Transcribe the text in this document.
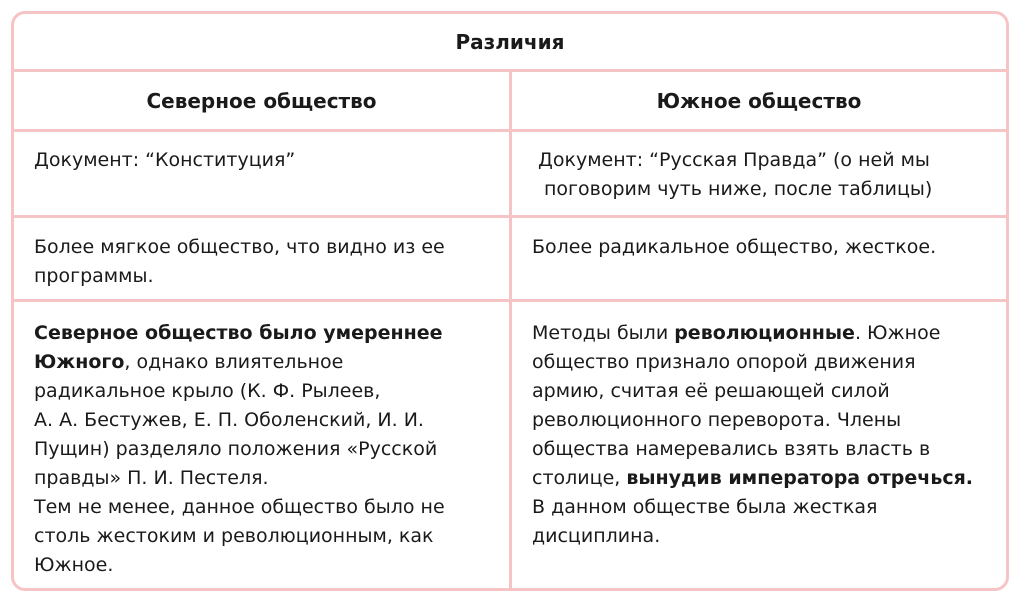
Различия
Северное общество	Южное общество
Документ: “Конституция”	Документ: “Русская Правда” (о ней мы
поговорим чуть ниже, после таблицы)
Более мягкое общество, что видно из ее
программы.
Более радикальное общество, жесткое.
Северное общество было умереннее
Южного, однако влиятельное
радикальное крыло (К. Ф. Рылеев,
А. А. Бестужев, Е. П. Оболенский, И. И.
Пущин) разделяло положения «Русской
правды» П. И. Пестеля.
Тем не менее, данное общество было не
столь жестоким и революционным, как
Южное.
Методы были революционные. Южное
общество признало опорой движения
армию, считая её решающей силой
революционного переворота. Члены
общества намеревались взять власть в
столице, вынудив императора отречься.
В данном обществе была жесткая
дисциплина.
